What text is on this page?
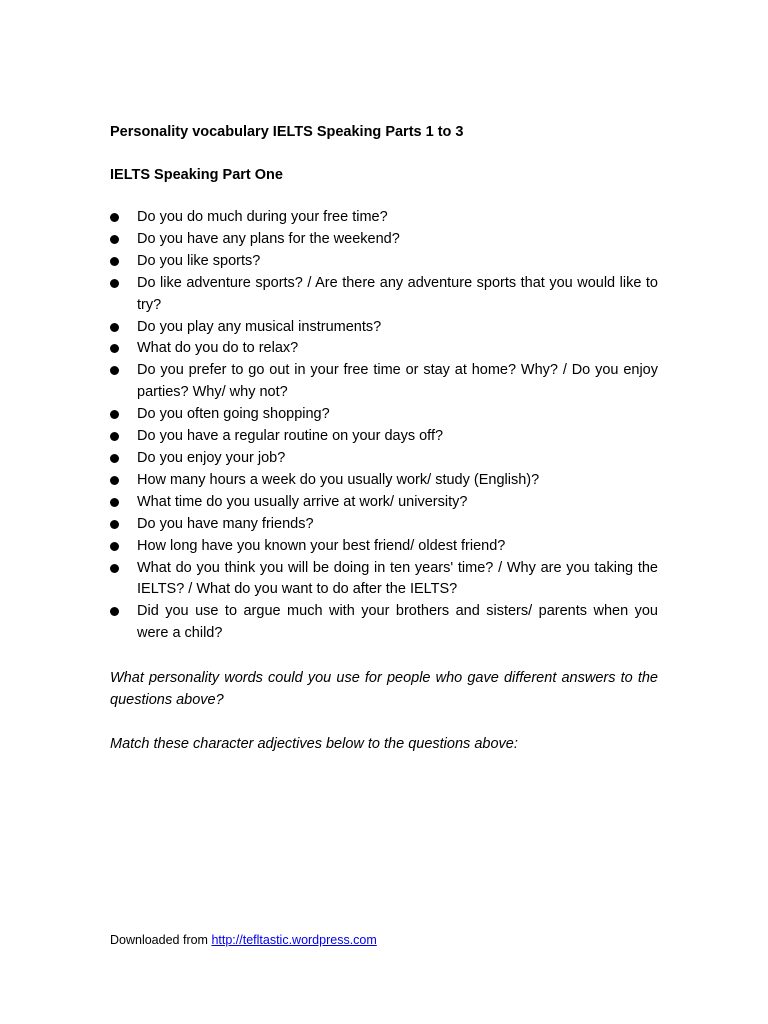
Personality vocabulary IELTS Speaking Parts 1 to 3
IELTS Speaking Part One
Do you do much during your free time?
Do you have any plans for the weekend?
Do you like sports?
Do like adventure sports? / Are there any adventure sports that you would like to try?
Do you play any musical instruments?
What do you do to relax?
Do you prefer to go out in your free time or stay at home? Why? / Do you enjoy parties? Why/ why not?
Do you often going shopping?
Do you have a regular routine on your days off?
Do you enjoy your job?
How many hours a week do you usually work/ study (English)?
What time do you usually arrive at work/ university?
Do you have many friends?
How long have you known your best friend/ oldest friend?
What do you think you will be doing in ten years' time? / Why are you taking the IELTS? / What do you want to do after the IELTS?
Did you use to argue much with your brothers and sisters/ parents when you were a child?
What personality words could you use for people who gave different answers to the questions above?
Match these character adjectives below to the questions above:
Downloaded from http://tefltastic.wordpress.com
